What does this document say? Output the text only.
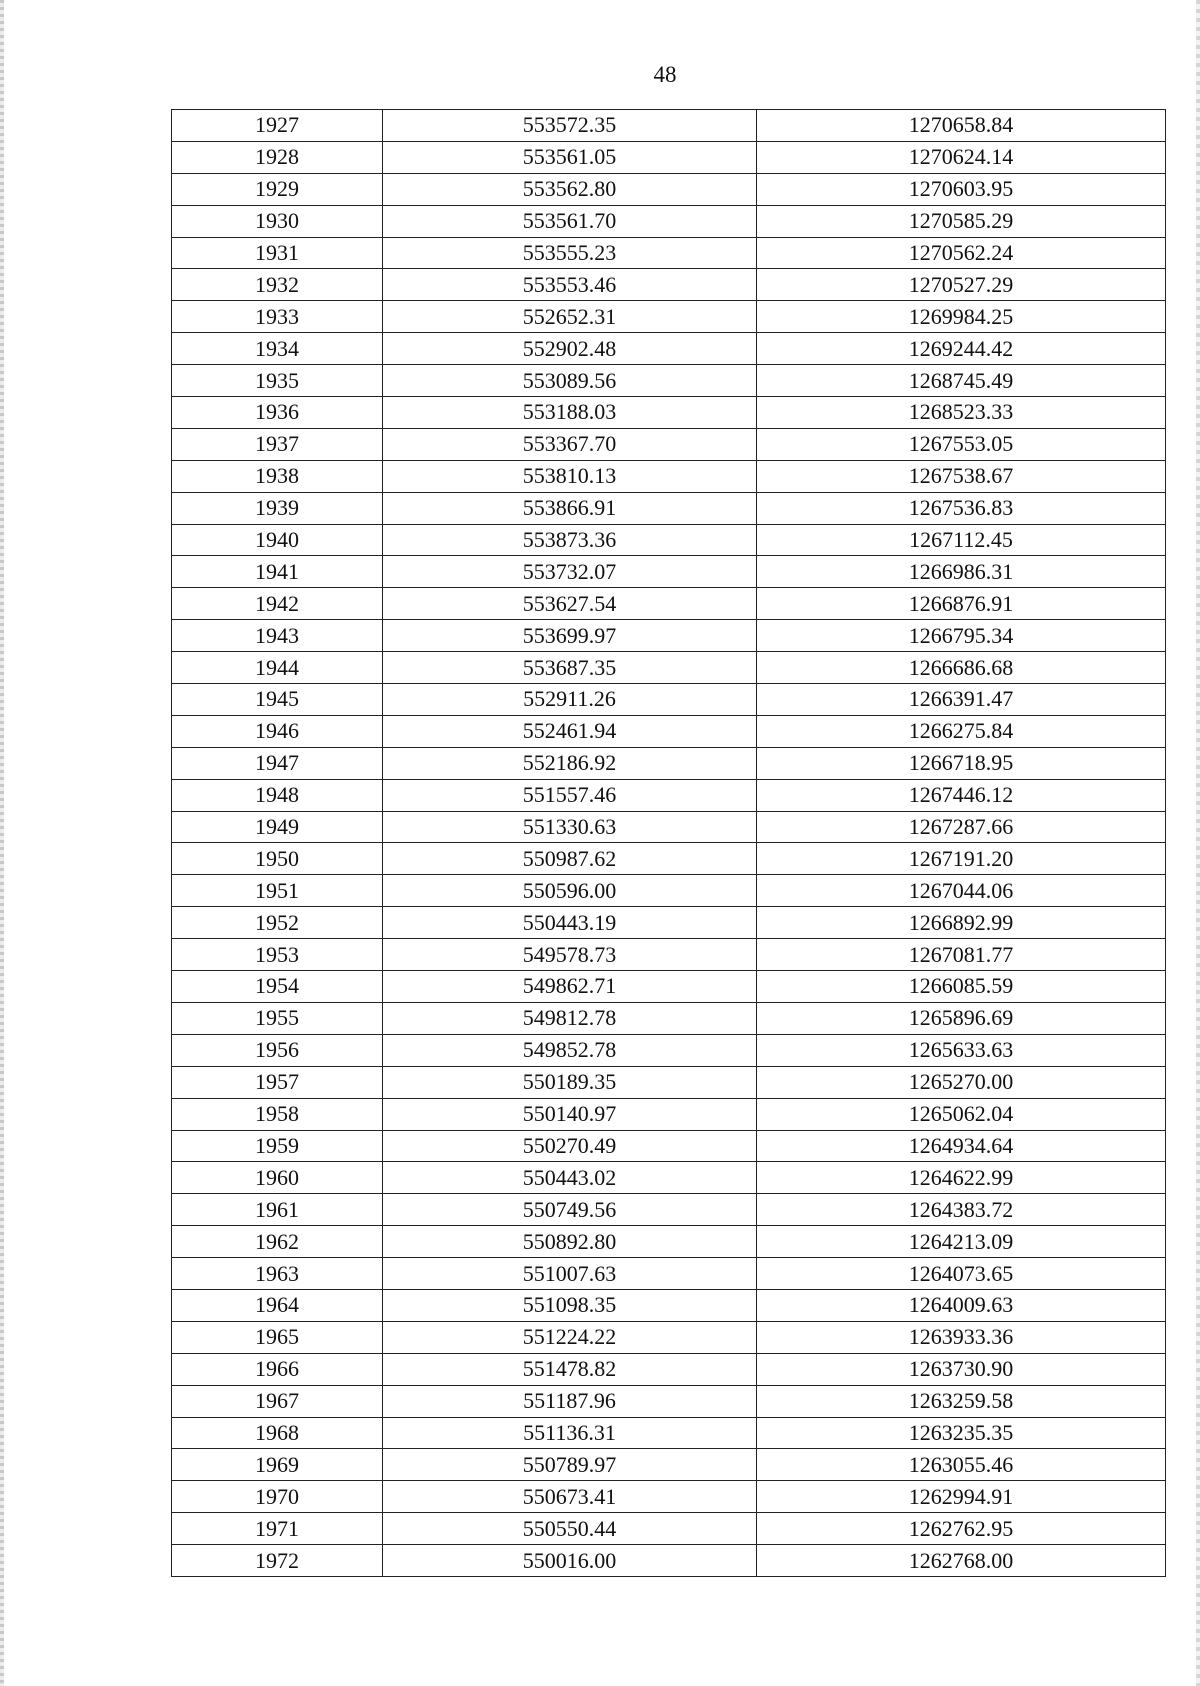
48
1927	553572.35	1270658.84
1928	553561.05	1270624.14
1929	553562.80	1270603.95
1930	553561.70	1270585.29
1931	553555.23	1270562.24
1932	553553.46	1270527.29
1933	552652.31	1269984.25
1934	552902.48	1269244.42
1935	553089.56	1268745.49
1936	553188.03	1268523.33
1937	553367.70	1267553.05
1938	553810.13	1267538.67
1939	553866.91	1267536.83
1940	553873.36	1267112.45
1941	553732.07	1266986.31
1942	553627.54	1266876.91
1943	553699.97	1266795.34
1944	553687.35	1266686.68
1945	552911.26	1266391.47
1946	552461.94	1266275.84
1947	552186.92	1266718.95
1948	551557.46	1267446.12
1949	551330.63	1267287.66
1950	550987.62	1267191.20
1951	550596.00	1267044.06
1952	550443.19	1266892.99
1953	549578.73	1267081.77
1954	549862.71	1266085.59
1955	549812.78	1265896.69
1956	549852.78	1265633.63
1957	550189.35	1265270.00
1958	550140.97	1265062.04
1959	550270.49	1264934.64
1960	550443.02	1264622.99
1961	550749.56	1264383.72
1962	550892.80	1264213.09
1963	551007.63	1264073.65
1964	551098.35	1264009.63
1965	551224.22	1263933.36
1966	551478.82	1263730.90
1967	551187.96	1263259.58
1968	551136.31	1263235.35
1969	550789.97	1263055.46
1970	550673.41	1262994.91
1971	550550.44	1262762.95
1972	550016.00	1262768.00
